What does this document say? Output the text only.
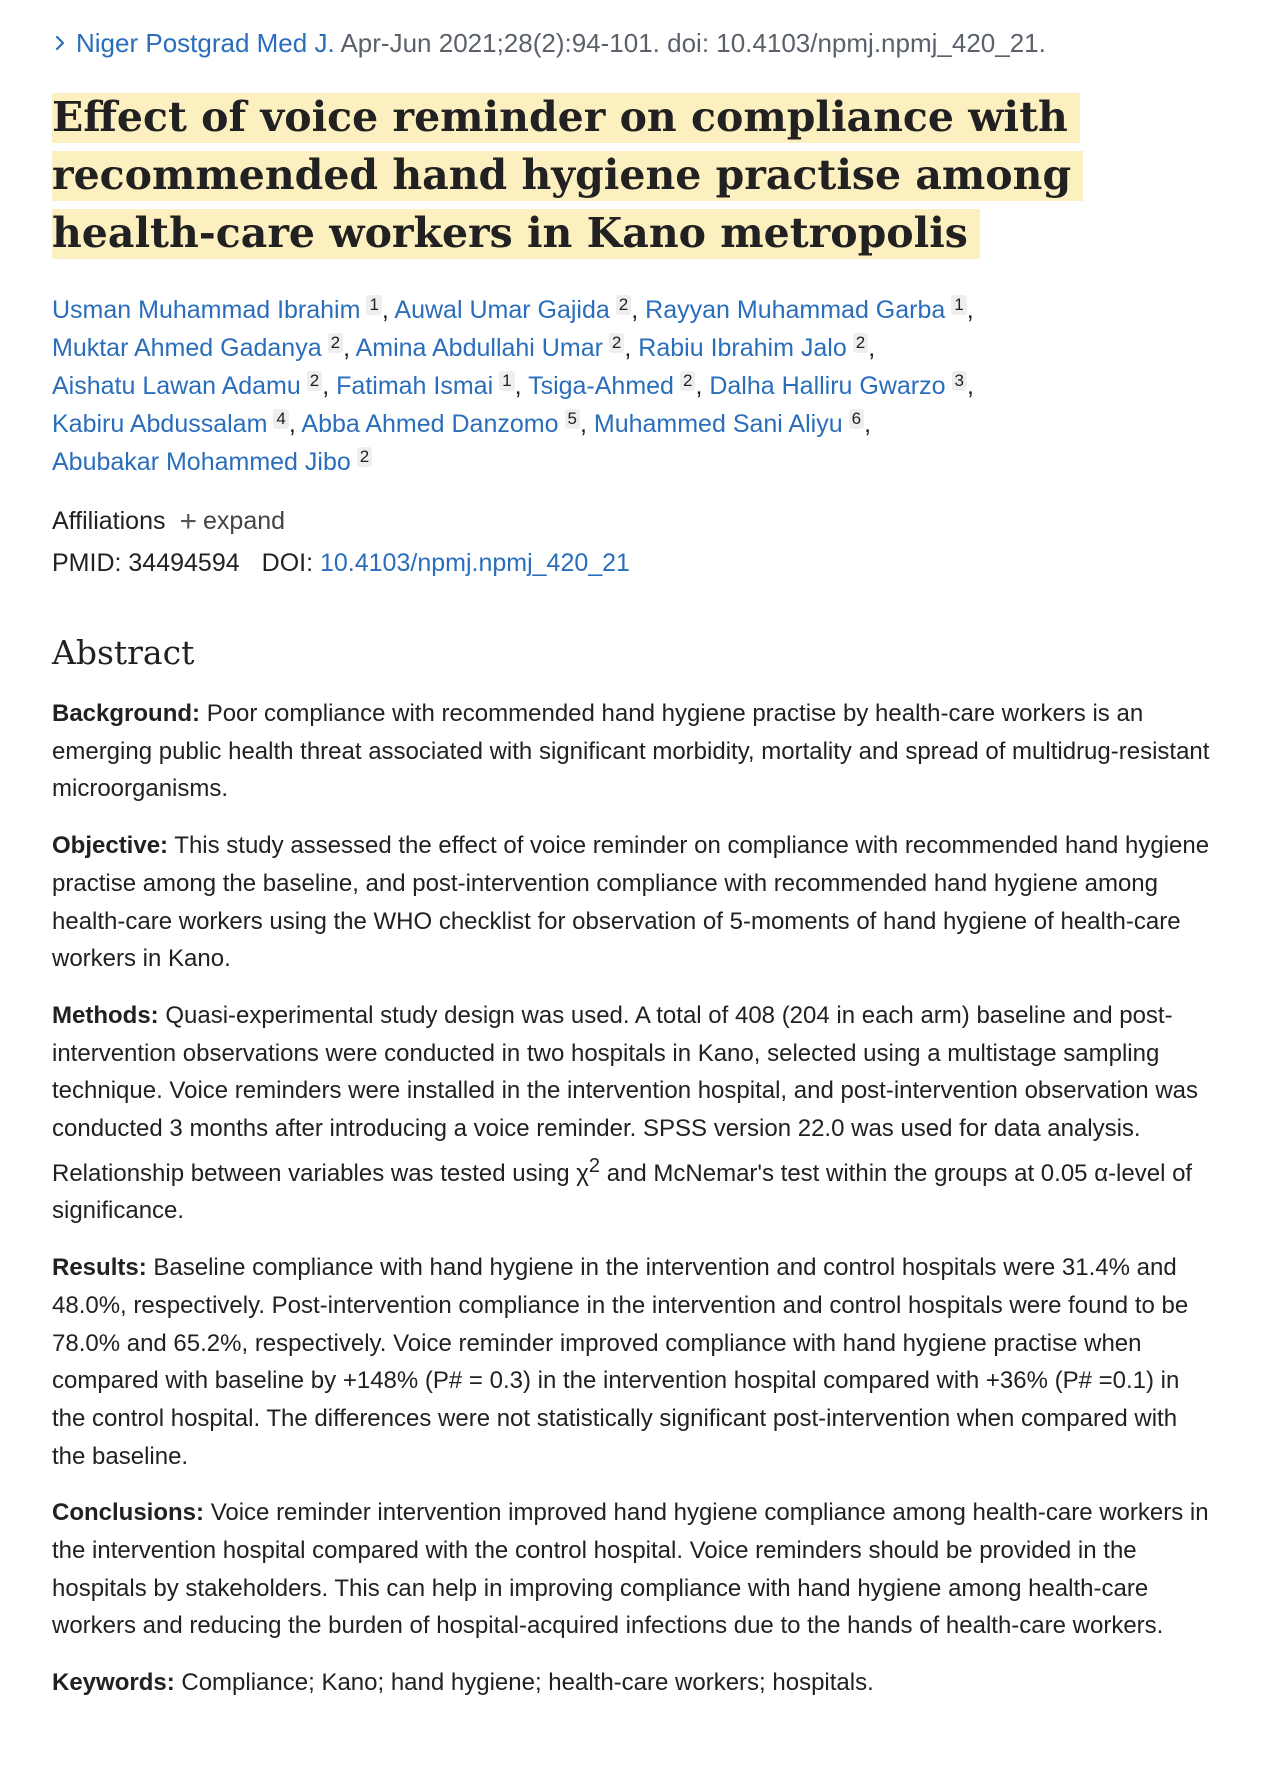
Niger Postgrad Med J. Apr-Jun 2021;28(2):94-101. doi: 10.4103/npmj.npmj_420_21.
Effect of voice reminder on compliance with recommended hand hygiene practise among health-care workers in Kano metropolis
Usman Muhammad Ibrahim 1 , Auwal Umar Gajida 2 , Rayyan Muhammad Garba 1 ,
Muktar Ahmed Gadanya 2 , Amina Abdullahi Umar 2 , Rabiu Ibrahim Jalo 2 ,
Aishatu Lawan Adamu 2 , Fatimah Ismai 1 , Tsiga-Ahmed 2 , Dalha Halliru Gwarzo 3 ,
Kabiru Abdussalam 4 , Abba Ahmed Danzomo 5 , Muhammed Sani Aliyu 6 ,
Abubakar Mohammed Jibo 2
Affiliations + expand
PMID: 34494594 DOI: 10.4103/npmj.npmj_420_21
Abstract

Background: Poor compliance with recommended hand hygiene practise by health-care workers is an emerging public health threat associated with significant morbidity, mortality and spread of multidrug-resistant microorganisms.

Objective: This study assessed the effect of voice reminder on compliance with recommended hand hygiene practise among the baseline, and post-intervention compliance with recommended hand hygiene among health-care workers using the WHO checklist for observation of 5-moments of hand hygiene of health-care workers in Kano.

Methods: Quasi-experimental study design was used. A total of 408 (204 in each arm) baseline and post-intervention observations were conducted in two hospitals in Kano, selected using a multistage sampling technique. Voice reminders were installed in the intervention hospital, and post-intervention observation was conducted 3 months after introducing a voice reminder. SPSS version 22.0 was used for data analysis. Relationship between variables was tested using $\chi^2$ and McNemar's test within the groups at 0.05 α-level of significance.

Results: Baseline compliance with hand hygiene in the intervention and control hospitals were 31.4% and 48.0%, respectively. Post-intervention compliance in the intervention and control hospitals were found to be 78.0% and 65.2%, respectively. Voice reminder improved compliance with hand hygiene practise when compared with baseline by +148% (P# = 0.3) in the intervention hospital compared with +36% (P# =0.1) in the control hospital. The differences were not statistically significant post-intervention when compared with the baseline.

Conclusions: Voice reminder intervention improved hand hygiene compliance among health-care workers in the intervention hospital compared with the control hospital. Voice reminders should be provided in the hospitals by stakeholders. This can help in improving compliance with hand hygiene among health-care workers and reducing the burden of hospital-acquired infections due to the hands of health-care workers.

Keywords: Compliance; Kano; hand hygiene; health-care workers; hospitals.
